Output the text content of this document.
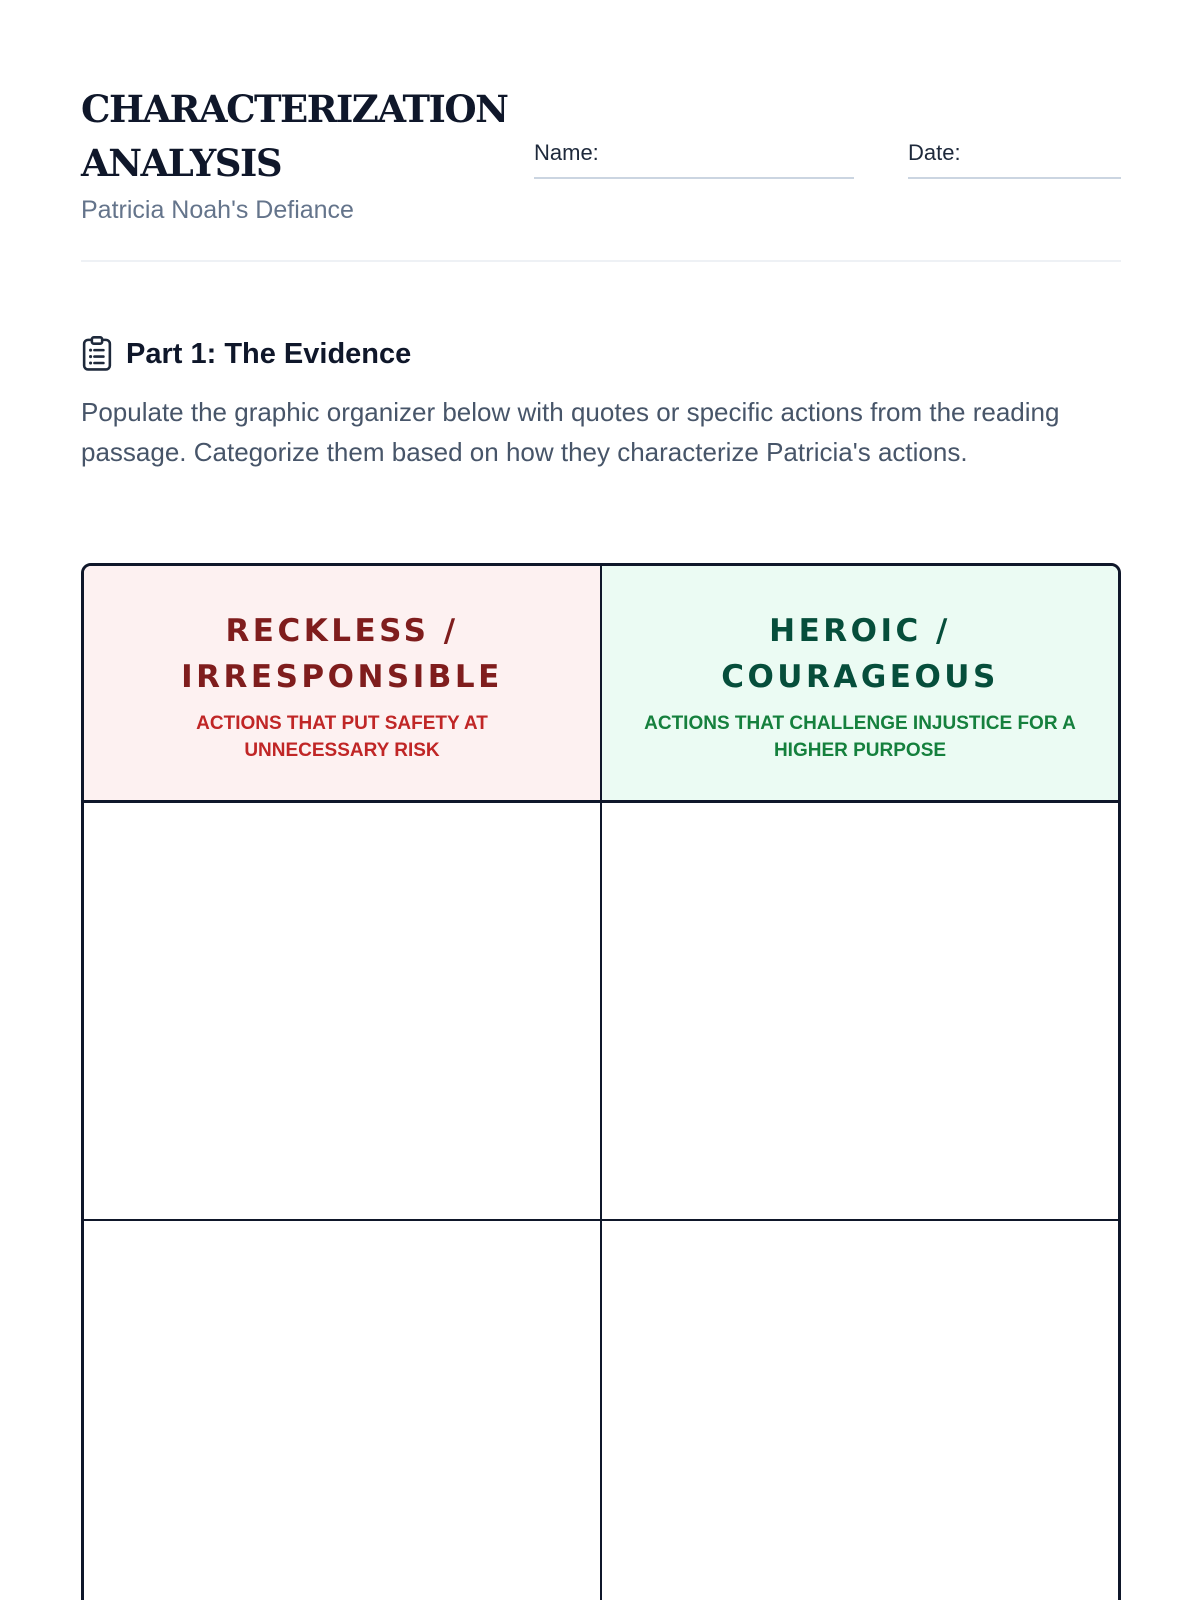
CHARACTERIZATION ANALYSIS
Patricia Noah's Defiance
Name:	Date:
Part 1: The Evidence

Populate the graphic organizer below with quotes or specific actions from the reading passage. Categorize them based on how they characterize Patricia's actions.

RECKLESS / IRRESPONSIBLE
ACTIONS THAT PUT SAFETY AT UNNECESSARY RISK
HEROIC / COURAGEOUS
ACTIONS THAT CHALLENGE INJUSTICE FOR A HIGHER PURPOSE
